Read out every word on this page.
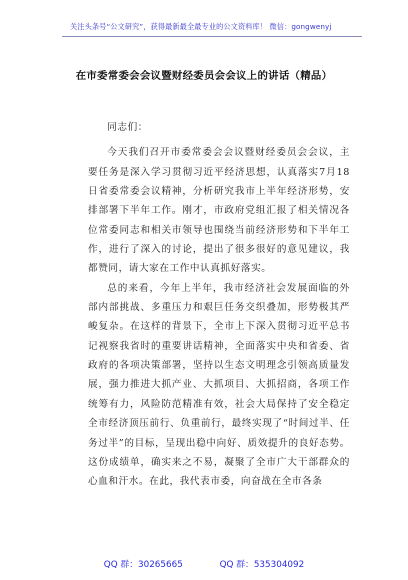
关注头条号“公文研究”，获得最新最全最专业的公文资料库！ 微信：gongwenyj
在市委常委会会议暨财经委员会会议上的讲话（精品）

同志们：

今天我们召开市委常委会会议暨财经委员会会议，主要任务是深入学习贯彻习近平经济思想，认真落实7月18日省委常委会议精神，分析研究我市上半年经济形势，安排部署下半年工作。刚才，市政府党组汇报了相关情况各位常委同志和相关市领导也围绕当前经济形势和下半年工作，进行了深入的讨论，提出了很多很好的意见建议，我都赞同，请大家在工作中认真抓好落实。

总的来看，今年上半年，我市经济社会发展面临的外部内部挑战、多重压力和艰巨任务交织叠加，形势极其严峻复杂。在这样的背景下，全市上下深入贯彻习近平总书记视察我省时的重要讲话精神，全面落实中央和省委、省政府的各项决策部署，坚持以生态文明理念引领高质量发展，强力推进大抓产业、大抓项目、大抓招商，各项工作统筹有力，风险防范精准有效，社会大局保持了安全稳定全市经济顶压前行、负重前行，最终实现了“时间过半、任务过半”的目标，呈现出稳中向好、质效提升的良好态势。这份成绩单，确实来之不易，凝聚了全市广大干部群众的心血和汗水。在此，我代表市委，向奋战在全市各条

QQ 群：30265665	QQ 群：535304092
